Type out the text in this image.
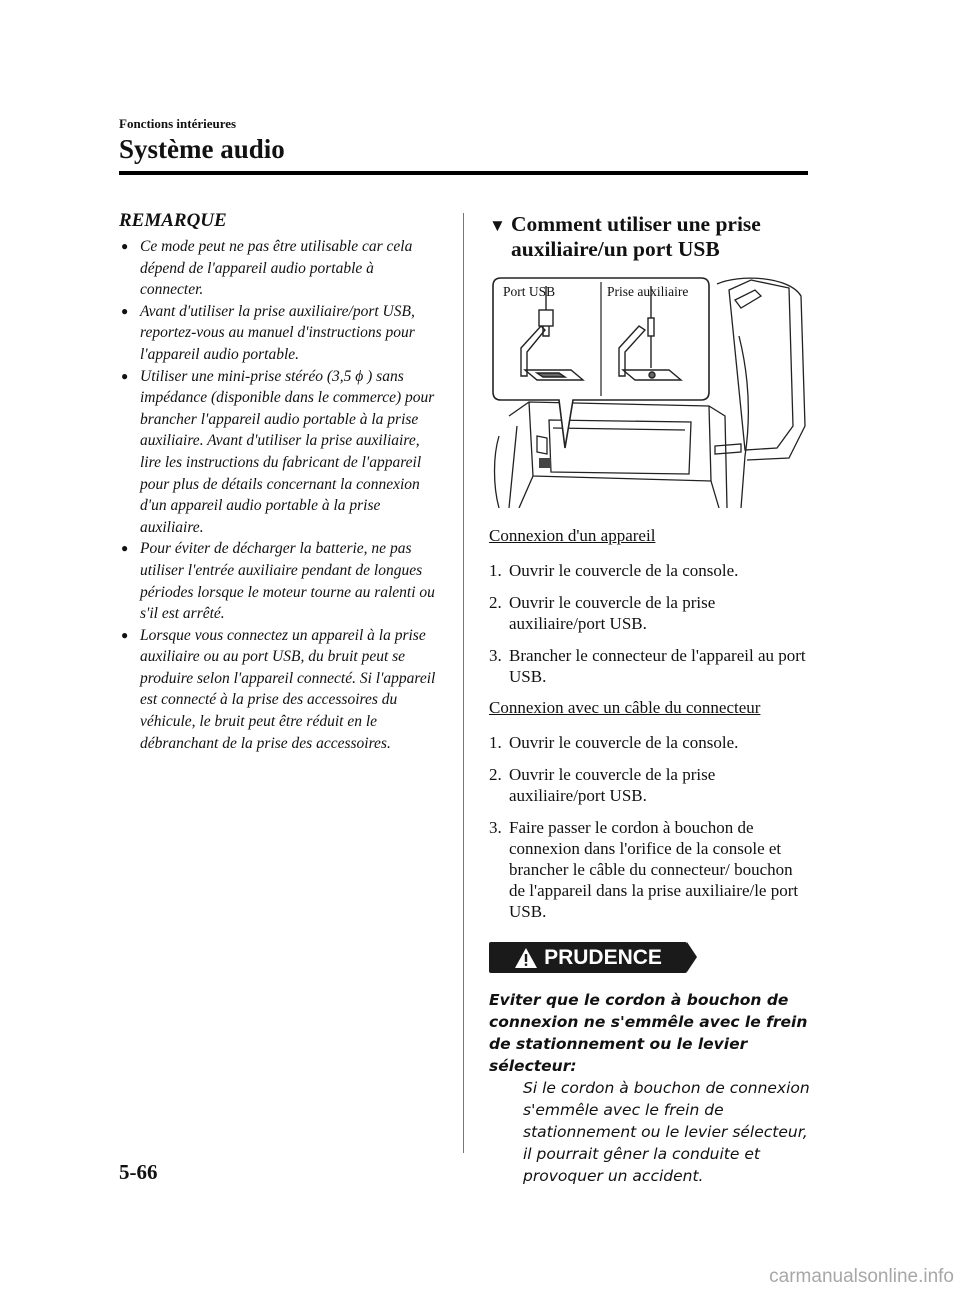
Fonctions intérieures
Système audio
REMARQUE
● Ce mode peut ne pas être utilisable car cela dépend de l'appareil audio portable à connecter.
● Avant d'utiliser la prise auxiliaire/port USB, reportez-vous au manuel d'instructions pour l'appareil audio portable.
● Utiliser une mini-prise stéréo (3,5 ϕ ) sans impédance (disponible dans le commerce) pour brancher l'appareil audio portable à la prise auxiliaire. Avant d'utiliser la prise auxiliaire, lire les instructions du fabricant de l'appareil pour plus de détails concernant la connexion d'un appareil audio portable à la prise auxiliaire.
● Pour éviter de décharger la batterie, ne pas utiliser l'entrée auxiliaire pendant de longues périodes lorsque le moteur tourne au ralenti ou s'il est arrêté.
● Lorsque vous connectez un appareil à la prise auxiliaire ou au port USB, du bruit peut se produire selon l'appareil connecté. Si l'appareil est connecté à la prise des accessoires du véhicule, le bruit peut être réduit en le débranchant de la prise des accessoires.
▼ Comment utiliser une prise auxiliaire/un port USB
Port USB	Prise auxiliaire
Connexion d'un appareil
1. Ouvrir le couvercle de la console.
2. Ouvrir le couvercle de la prise auxiliaire/port USB.
3. Brancher le connecteur de l'appareil au port USB.
Connexion avec un câble du connecteur
1. Ouvrir le couvercle de la console.
2. Ouvrir le couvercle de la prise auxiliaire/port USB.
3. Faire passer le cordon à bouchon de connexion dans l'orifice de la console et brancher le câble du connecteur/ bouchon de l'appareil dans la prise auxiliaire/le port USB.
PRUDENCE

Eviter que le cordon à bouchon de connexion ne s'emmêle avec le frein de stationnement ou le levier sélecteur:

Si le cordon à bouchon de connexion s'emmêle avec le frein de stationnement ou le levier sélecteur, il pourrait gêner la conduite et provoquer un accident.

5-66
carmanualsonline.info
